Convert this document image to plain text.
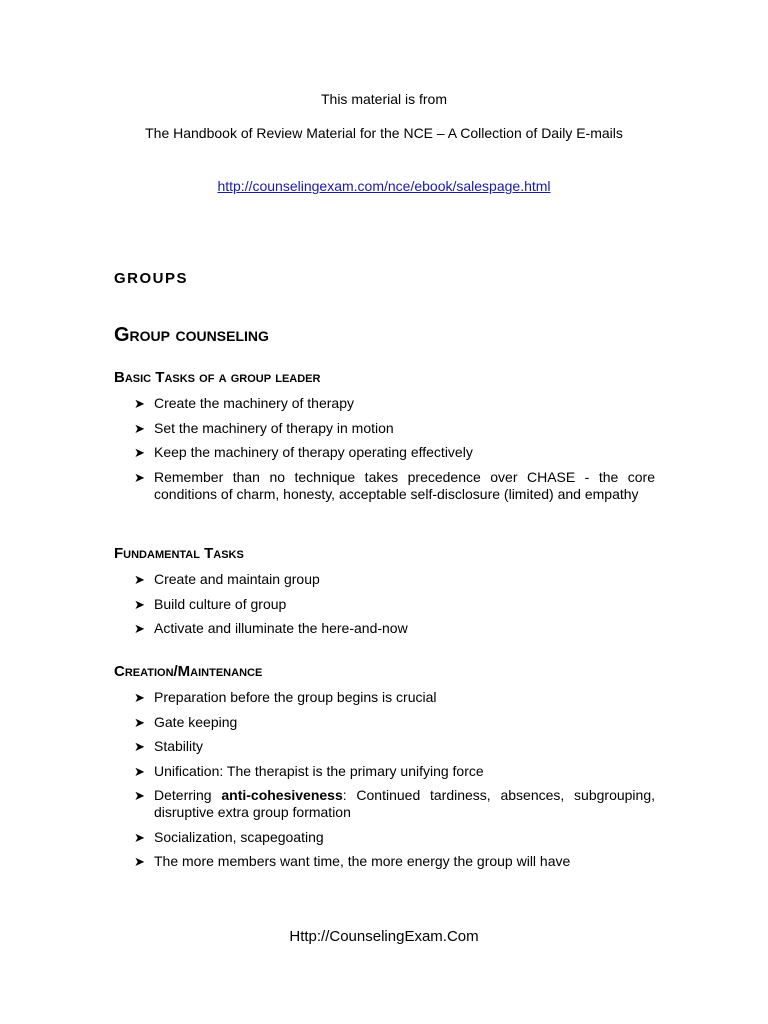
This material is from
The Handbook of Review Material for the NCE – A Collection of Daily E-mails
http://counselingexam.com/nce/ebook/salespage.html
GROUPS
Group counseling
Basic Tasks of a group leader
➤ Create the machinery of therapy
➤ Set the machinery of therapy in motion
➤ Keep the machinery of therapy operating effectively
➤ Remember than no technique takes precedence over CHASE - the core conditions of charm, honesty, acceptable self-disclosure (limited) and empathy
Fundamental Tasks
➤ Create and maintain group
➤ Build culture of group
➤ Activate and illuminate the here-and-now
Creation/Maintenance
➤ Preparation before the group begins is crucial
➤ Gate keeping
➤ Stability
➤ Unification: The therapist is the primary unifying force
➤ Deterring anti-cohesiveness: Continued tardiness, absences, subgrouping, disruptive extra group formation
➤ Socialization, scapegoating
➤ The more members want time, the more energy the group will have
Http://CounselingExam.Com
